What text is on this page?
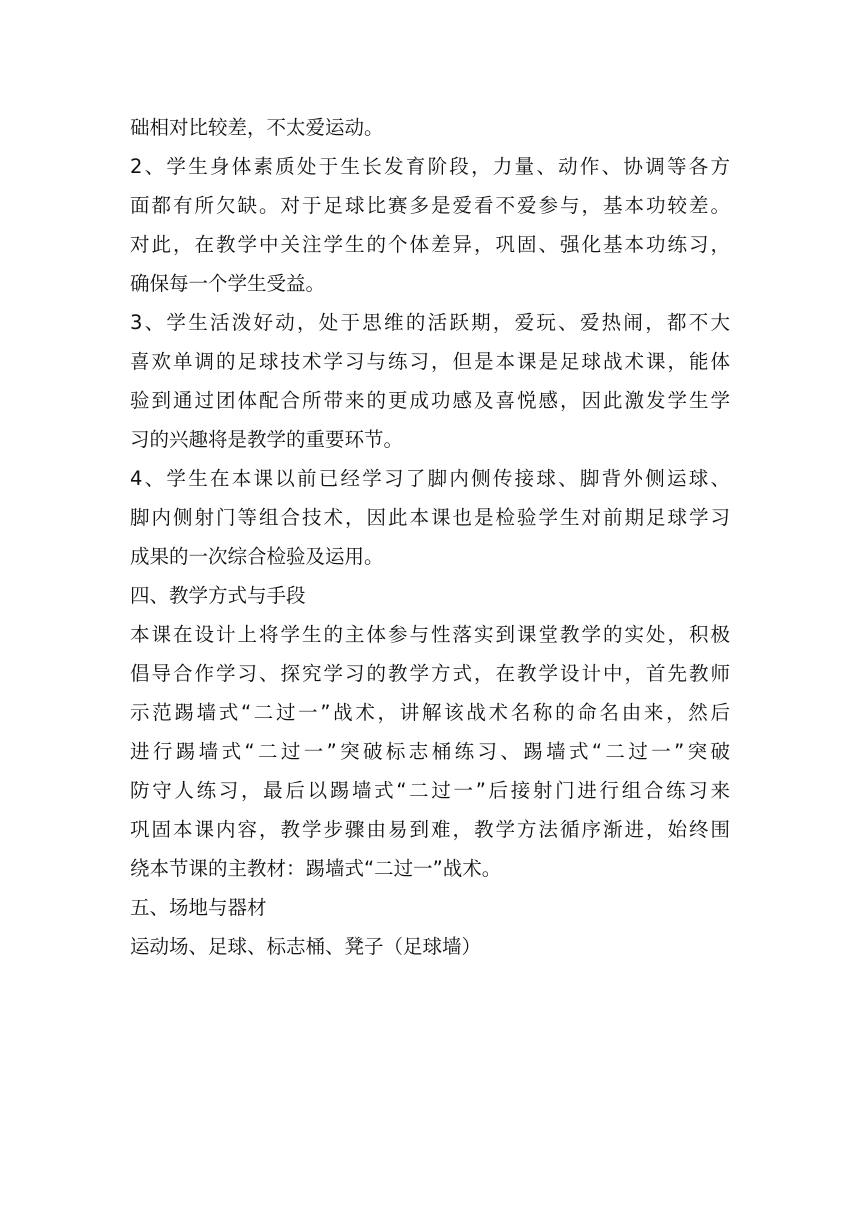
础相对比较差，不太爱运动。
2、学生身体素质处于生长发育阶段，力量、动作、协调等各方
面都有所欠缺。对于足球比赛多是爱看不爱参与，基本功较差。
对此，在教学中关注学生的个体差异，巩固、强化基本功练习，
确保每一个学生受益。
3、学生活泼好动，处于思维的活跃期，爱玩、爱热闹，都不大
喜欢单调的足球技术学习与练习，但是本课是足球战术课，能体
验到通过团体配合所带来的更成功感及喜悦感，因此激发学生学
习的兴趣将是教学的重要环节。
4、学生在本课以前已经学习了脚内侧传接球、脚背外侧运球、
脚内侧射门等组合技术，因此本课也是检验学生对前期足球学习
成果的一次综合检验及运用。
四、教学方式与手段
本课在设计上将学生的主体参与性落实到课堂教学的实处，积极
倡导合作学习、探究学习的教学方式，在教学设计中，首先教师
示范踢墙式“二过一”战术，讲解该战术名称的命名由来，然后
进行踢墙式“二过一”突破标志桶练习、踢墙式“二过一”突破
防守人练习，最后以踢墙式“二过一”后接射门进行组合练习来
巩固本课内容，教学步骤由易到难，教学方法循序渐进，始终围
绕本节课的主教材：踢墙式“二过一”战术。
五、场地与器材
运动场、足球、标志桶、凳子（足球墙）
